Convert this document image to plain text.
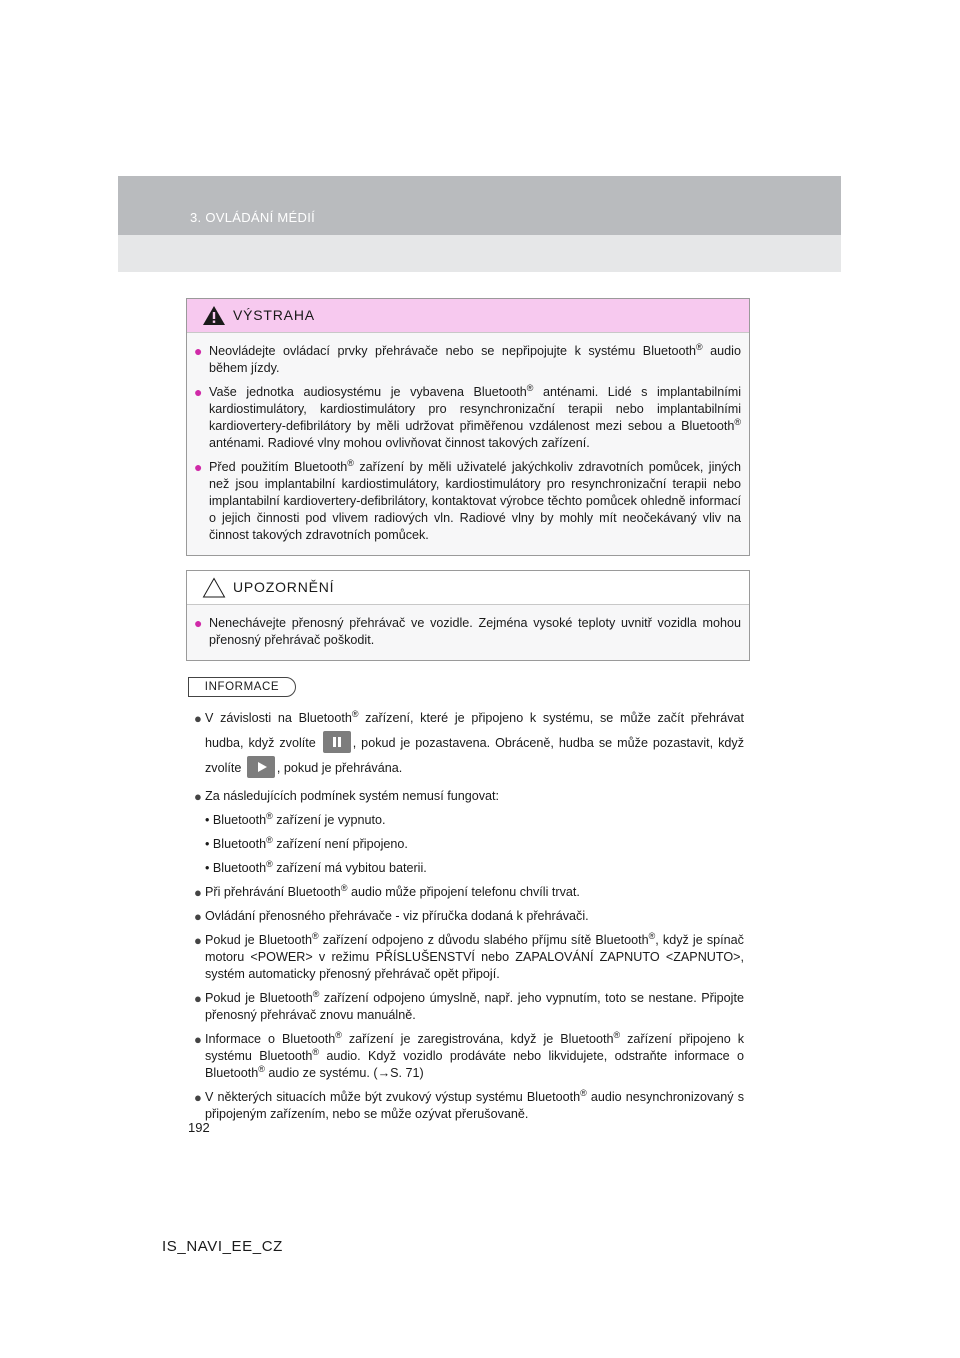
3. OVLÁDÁNÍ MÉDIÍ
VÝSTRAHA
● Neovládejte ovládací prvky přehrávače nebo se nepřipojujte k systému Bluetooth® audio během jízdy.
● Vaše jednotka audiosystému je vybavena Bluetooth® anténami. Lidé s implantabilními kardiostimulátory, kardiostimulátory pro resynchronizační terapii nebo implantabilními kardiovertery-defibrilátory by měli udržovat přiměřenou vzdálenost mezi sebou a Bluetooth® anténami. Radiové vlny mohou ovlivňovat činnost takových zařízení.
● Před použitím Bluetooth® zařízení by měli uživatelé jakýchkoliv zdravotních pomůcek, jiných než jsou implantabilní kardiostimulátory, kardiostimulátory pro resynchronizační terapii nebo implantabilní kardiovertery-defibrilátory, kontaktovat výrobce těchto pomůcek ohledně informací o jejich činnosti pod vlivem radiových vln. Radiové vlny by mohly mít neočekávaný vliv na činnost takových zdravotních pomůcek.
UPOZORNĚNÍ
● Nenechávejte přenosný přehrávač ve vozidle. Zejména vysoké teploty uvnitř vozidla mohou přenosný přehrávač poškodit.
INFORMACE
● V závislosti na Bluetooth® zařízení, které je připojeno k systému, se může začít přehrávat hudba, když zvolíte	, pokud je pozastavena. Obráceně, hudba se může pozastavit, když zvolíte	, pokud je přehrávána.
● Za následujících podmínek systém nemusí fungovat:
• Bluetooth® zařízení je vypnuto.
• Bluetooth® zařízení není připojeno.
• Bluetooth® zařízení má vybitou baterii.
● Při přehrávání Bluetooth® audio může připojení telefonu chvíli trvat.
● Ovládání přenosného přehrávače - viz příručka dodaná k přehrávači.
● Pokud je Bluetooth® zařízení odpojeno z důvodu slabého příjmu sítě Bluetooth®, když je spínač motoru <POWER> v režimu PŘÍSLUŠENSTVÍ nebo ZAPALOVÁNÍ ZAPNUTO <ZAPNUTO>, systém automaticky přenosný přehrávač opět připojí.
● Pokud je Bluetooth® zařízení odpojeno úmyslně, např. jeho vypnutím, toto se nestane. Připojte přenosný přehrávač znovu manuálně.
● Informace o Bluetooth® zařízení je zaregistrována, když je Bluetooth® zařízení připojeno k systému Bluetooth® audio. Když vozidlo prodáváte nebo likvidujete, odstraňte informace o Bluetooth® audio ze systému. (→S. 71)
● V některých situacích může být zvukový výstup systému Bluetooth® audio nesynchronizovaný s připojeným zařízením, nebo se může ozývat přerušovaně.
192
IS_NAVI_EE_CZ
